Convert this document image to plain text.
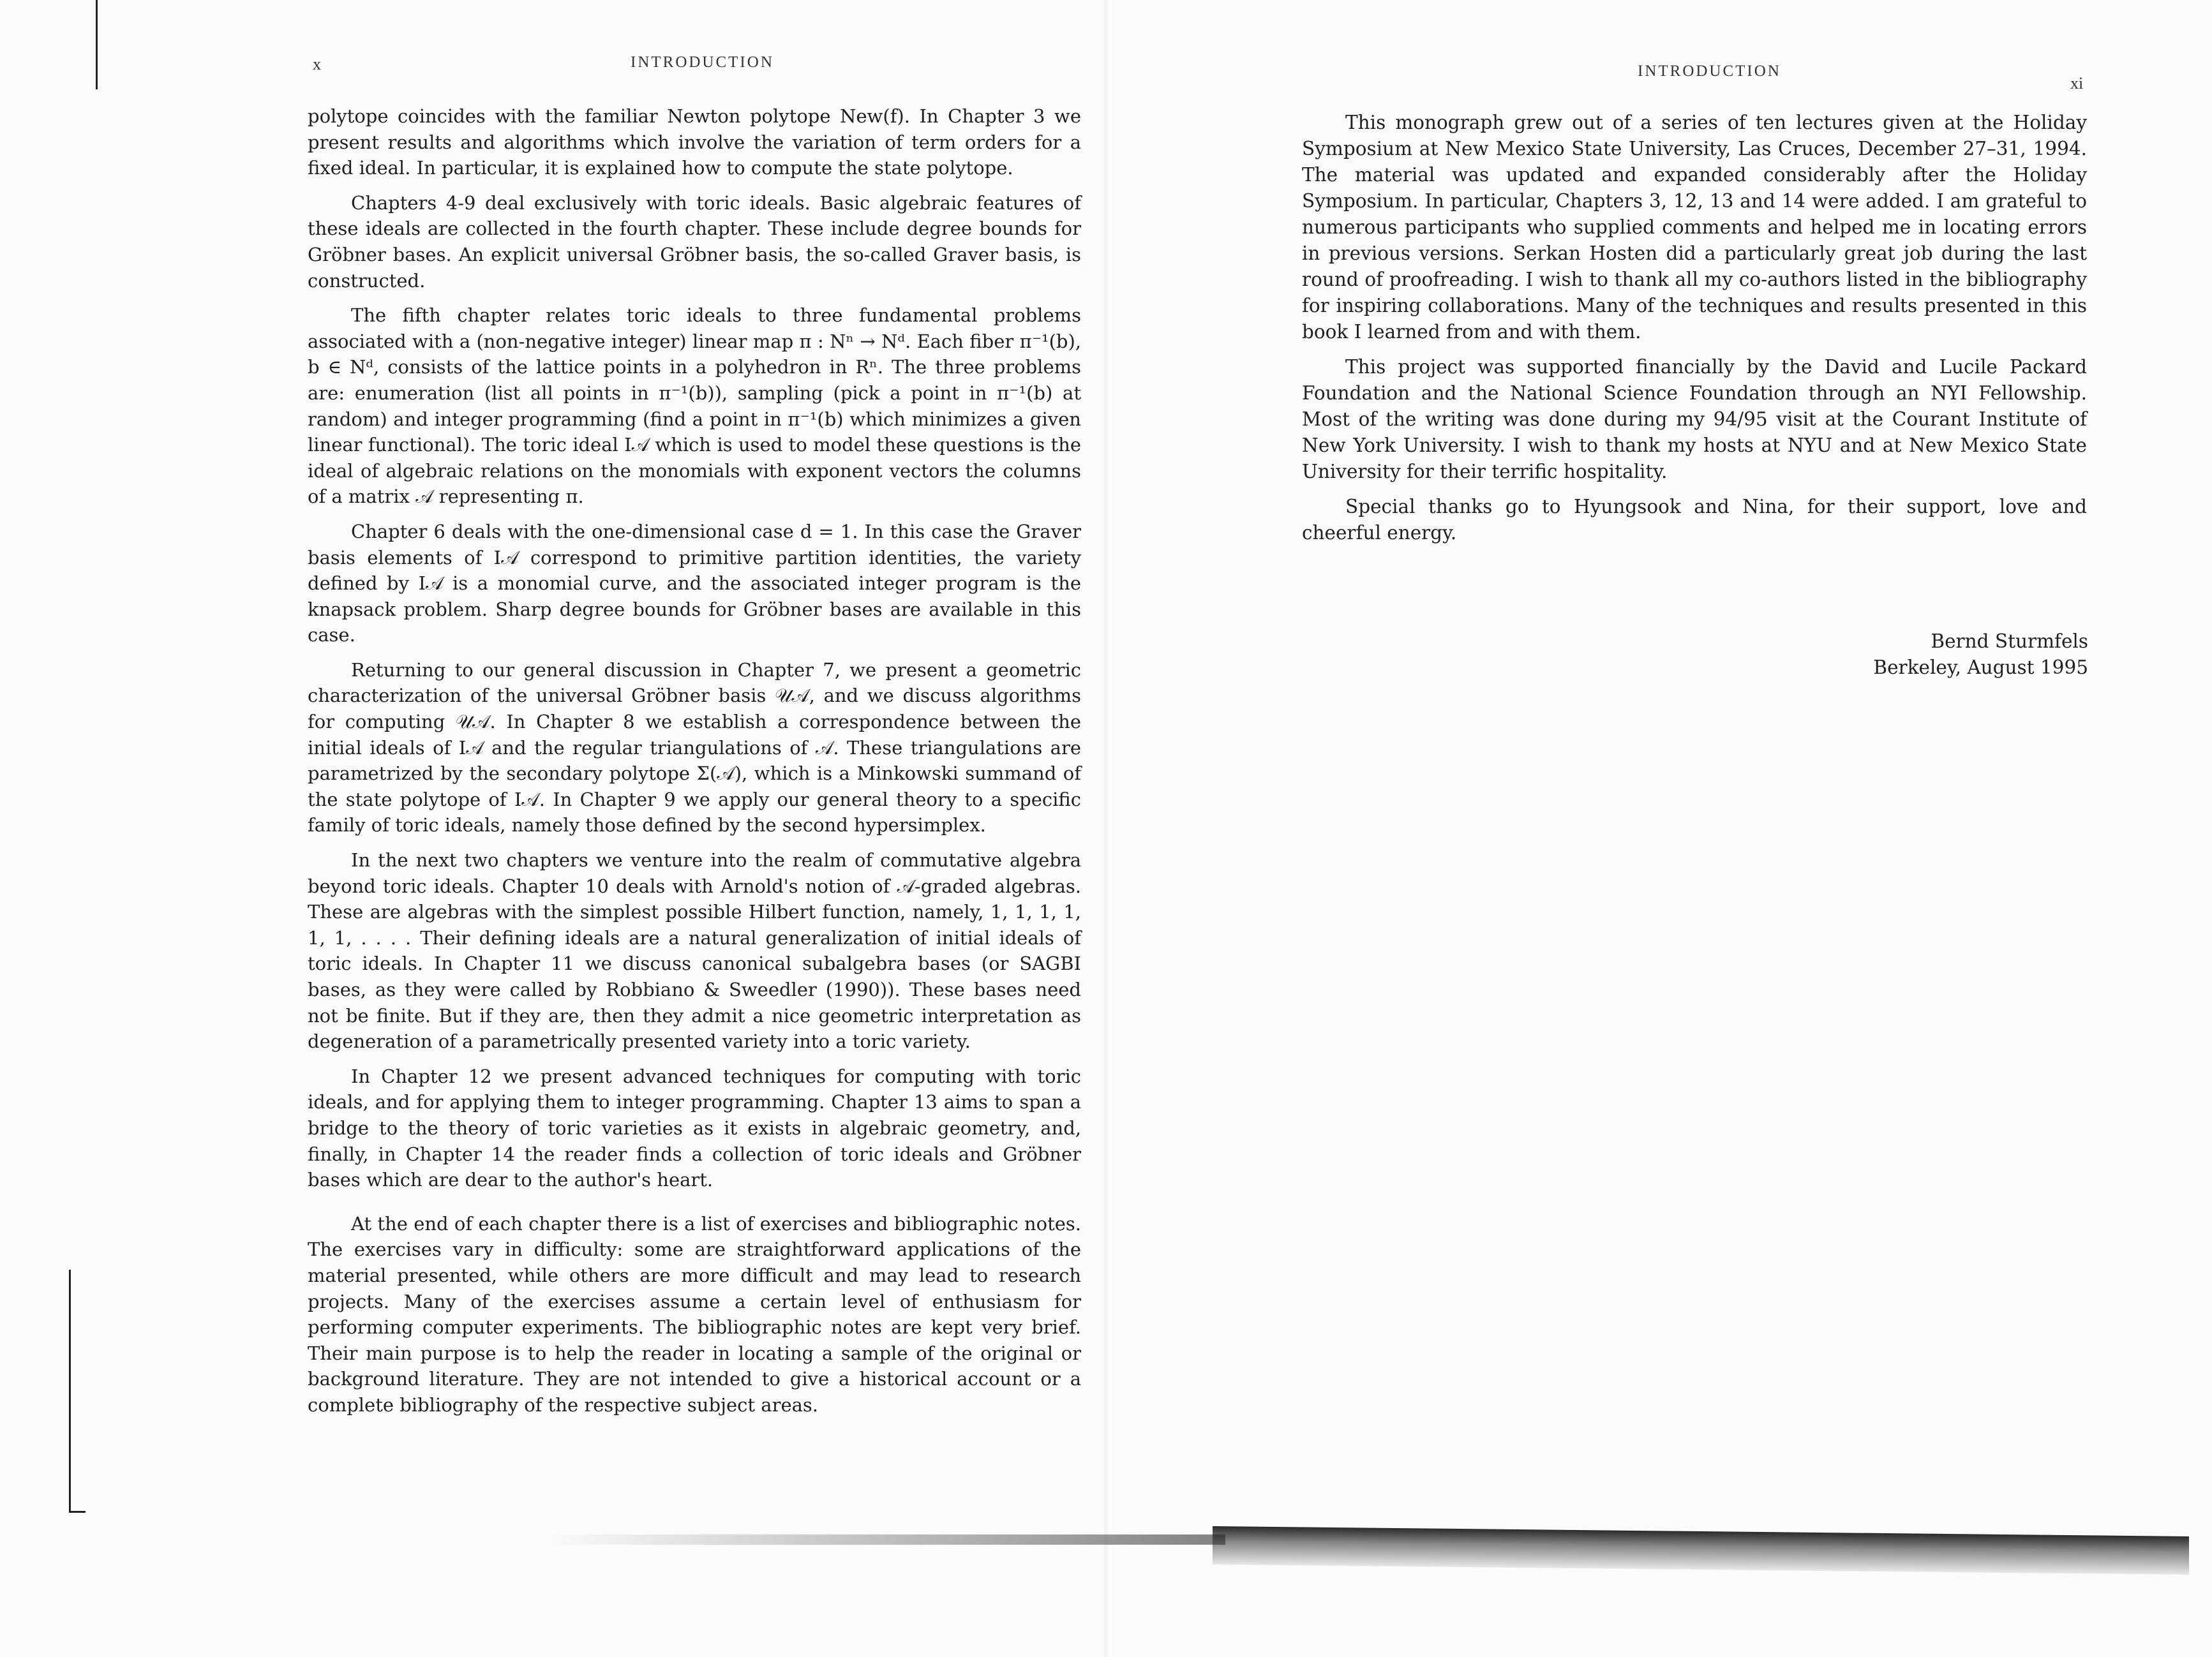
x	INTRODUCTION

polytope coincides with the familiar Newton polytope New(f). In Chapter 3 we present results and algorithms which involve the variation of term orders for a fixed ideal. In particular, it is explained how to compute the state polytope.

Chapters 4-9 deal exclusively with toric ideals. Basic algebraic features of these ideals are collected in the fourth chapter. These include degree bounds for Gröbner bases. An explicit universal Gröbner basis, the so-called Graver basis, is constructed.

The fifth chapter relates toric ideals to three fundamental problems associated with a (non-negative integer) linear map π : Nⁿ → Nᵈ. Each fiber π⁻¹(b), b ∈ Nᵈ, consists of the lattice points in a polyhedron in Rⁿ. The three problems are: enumeration (list all points in π⁻¹(b)), sampling (pick a point in π⁻¹(b) at random) and integer programming (find a point in π⁻¹(b) which minimizes a given linear functional). The toric ideal I𝒜 which is used to model these questions is the ideal of algebraic relations on the monomials with exponent vectors the columns of a matrix 𝒜 representing π.

Chapter 6 deals with the one-dimensional case d = 1. In this case the Graver basis elements of I𝒜 correspond to primitive partition identities, the variety defined by I𝒜 is a monomial curve, and the associated integer program is the knapsack problem. Sharp degree bounds for Gröbner bases are available in this case.

Returning to our general discussion in Chapter 7, we present a geometric characterization of the universal Gröbner basis 𝒰𝒜, and we discuss algorithms for computing 𝒰𝒜. In Chapter 8 we establish a correspondence between the initial ideals of I𝒜 and the regular triangulations of 𝒜. These triangulations are parametrized by the secondary polytope Σ(𝒜), which is a Minkowski summand of the state polytope of I𝒜. In Chapter 9 we apply our general theory to a specific family of toric ideals, namely those defined by the second hypersimplex.

In the next two chapters we venture into the realm of commutative algebra beyond toric ideals. Chapter 10 deals with Arnold's notion of 𝒜-graded algebras. These are algebras with the simplest possible Hilbert function, namely, 1, 1, 1, 1, 1, 1, . . . . Their defining ideals are a natural generalization of initial ideals of toric ideals. In Chapter 11 we discuss canonical subalgebra bases (or SAGBI bases, as they were called by Robbiano & Sweedler (1990)). These bases need not be finite. But if they are, then they admit a nice geometric interpretation as degeneration of a parametrically presented variety into a toric variety.

In Chapter 12 we present advanced techniques for computing with toric ideals, and for applying them to integer programming. Chapter 13 aims to span a bridge to the theory of toric varieties as it exists in algebraic geometry, and, finally, in Chapter 14 the reader finds a collection of toric ideals and Gröbner bases which are dear to the author's heart.

At the end of each chapter there is a list of exercises and bibliographic notes. The exercises vary in difficulty: some are straightforward applications of the material presented, while others are more difficult and may lead to research projects. Many of the exercises assume a certain level of enthusiasm for performing computer experiments. The bibliographic notes are kept very brief. Their main purpose is to help the reader in locating a sample of the original or background literature. They are not intended to give a historical account or a complete bibliography of the respective subject areas.

INTRODUCTION
xi

This monograph grew out of a series of ten lectures given at the Holiday Symposium at New Mexico State University, Las Cruces, December 27–31, 1994. The material was updated and expanded considerably after the Holiday Symposium. In particular, Chapters 3, 12, 13 and 14 were added. I am grateful to numerous participants who supplied comments and helped me in locating errors in previous versions. Serkan Hosten did a particularly great job during the last round of proofreading. I wish to thank all my co-authors listed in the bibliography for inspiring collaborations. Many of the techniques and results presented in this book I learned from and with them.

This project was supported financially by the David and Lucile Packard Foundation and the National Science Foundation through an NYI Fellowship. Most of the writing was done during my 94/95 visit at the Courant Institute of New York University. I wish to thank my hosts at NYU and at New Mexico State University for their terrific hospitality.

Special thanks go to Hyungsook and Nina, for their support, love and cheerful energy.

Bernd Sturmfels
Berkeley, August 1995
